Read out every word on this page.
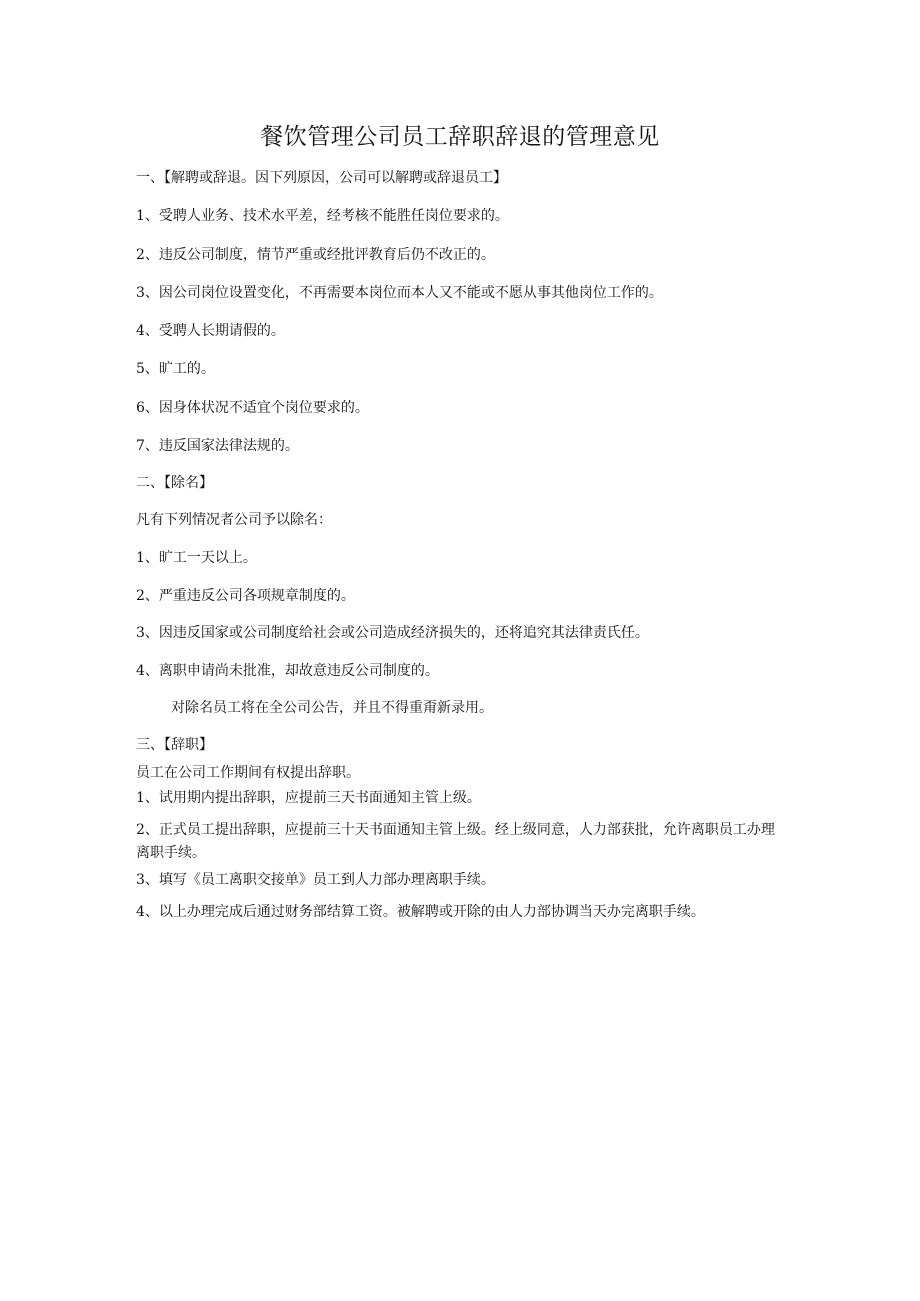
餐饮管理公司员工辞职辞退的管理意见
一、【解聘或辞退。因下列原因，公司可以解聘或辞退员工】
1、受聘人业务、技术水平差，经考核不能胜任岗位要求的。
2、违反公司制度，情节严重或经批评教育后仍不改正的。
3、因公司岗位设置变化，不再需要本岗位而本人又不能或不愿从事其他岗位工作的。
4、受聘人长期请假的。
5、旷工的。
6、因身体状况不适宜个岗位要求的。
7、违反国家法律法规的。
二、【除名】
凡有下列情况者公司予以除名：
1、旷工一天以上。
2、严重违反公司各项规章制度的。
3、因违反国家或公司制度给社会或公司造成经济损失的，还将追究其法律责氏任。
4、离职申请尚未批准，却故意违反公司制度的。
对除名员工将在全公司公告，并且不得重甭新录用。
三、【辞职】
员工在公司工作期间有权提出辞职。
1、试用期内提出辞职，应提前三天书面通知主管上级。
2、正式员工提出辞职，应提前三十天书面通知主管上级。经上级同意，人力部获批，允许离职员工办理离职手续。
3、填写《员工离职交接单》员工到人力部办理离职手续。
4、以上办理完成后通过财务部结算工资。被解聘或开除的由人力部协调当天办完离职手续。
